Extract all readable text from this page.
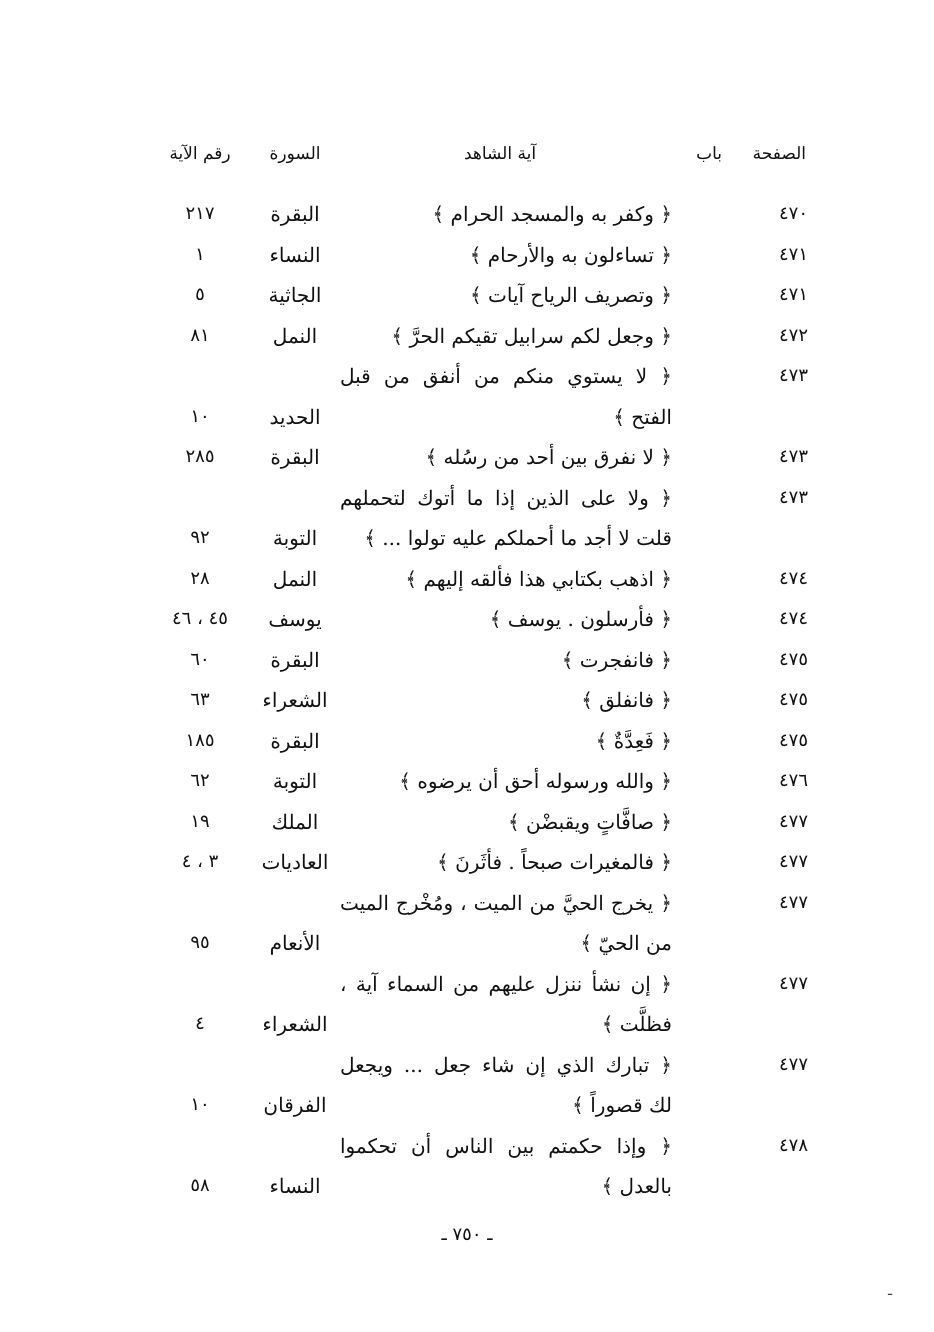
الصفحة
باب
آية الشاهد
السورة
رقم الآية
٤٧٠
﴿ وكفر به والمسجد الحرام ﴾
البقرة
٢١٧
٤٧١
﴿ تساءلون به والأرحام ﴾
النساء
١
٤٧١
﴿ وتصريف الرياح آيات ﴾
الجاثية
٥
٤٧٢
﴿ وجعل لكم سرابيل تقيكم الحرَّ ﴾
النمل
٨١
٤٧٣
﴿ لا يستوي منكم من أنفق من قبل
الفتح ﴾
الحديد
١٠
٤٧٣
﴿ لا نفرق بين أحد من رسُله ﴾
البقرة
٢٨٥
٤٧٣
﴿ ولا على الذين إذا ما أتوك لتحملهم
قلت لا أجد ما أحملكم عليه تولوا ... ﴾
التوبة
٩٢
٤٧٤
﴿ اذهب بكتابي هذا فألقه إليهم ﴾
النمل
٢٨
٤٧٤
﴿ فأرسلون . يوسف ﴾
يوسف
٤٥ ، ٤٦
٤٧٥
﴿ فانفجرت ﴾
البقرة
٦٠
٤٧٥
﴿ فانفلق ﴾
الشعراء
٦٣
٤٧٥
﴿ فَعِدَّةٌ ﴾
البقرة
١٨٥
٤٧٦
﴿ والله ورسوله أحق أن يرضوه ﴾
التوبة
٦٢
٤٧٧
﴿ صافَّاتٍ ويقبضْن ﴾
الملك
١٩
٤٧٧
﴿ فالمغيرات صبحاً . فأثَرنَ ﴾
العاديات
٣ ، ٤
٤٧٧
﴿ يخرج الحيَّ من الميت ، ومُخْرج الميت
من الحيّ ﴾
الأنعام
٩٥
٤٧٧
﴿ إن نشأ ننزل عليهم من السماء آية ،
فظلَّت ﴾
الشعراء
٤
٤٧٧
﴿ تبارك الذي إن شاء جعل ... ويجعل
لك قصوراً ﴾
الفرقان
١٠
٤٧٨
﴿ وإذا حكمتم بين الناس أن تحكموا
بالعدل ﴾
النساء
٥٨
ـ ٧٥٠ ـ
ـ
